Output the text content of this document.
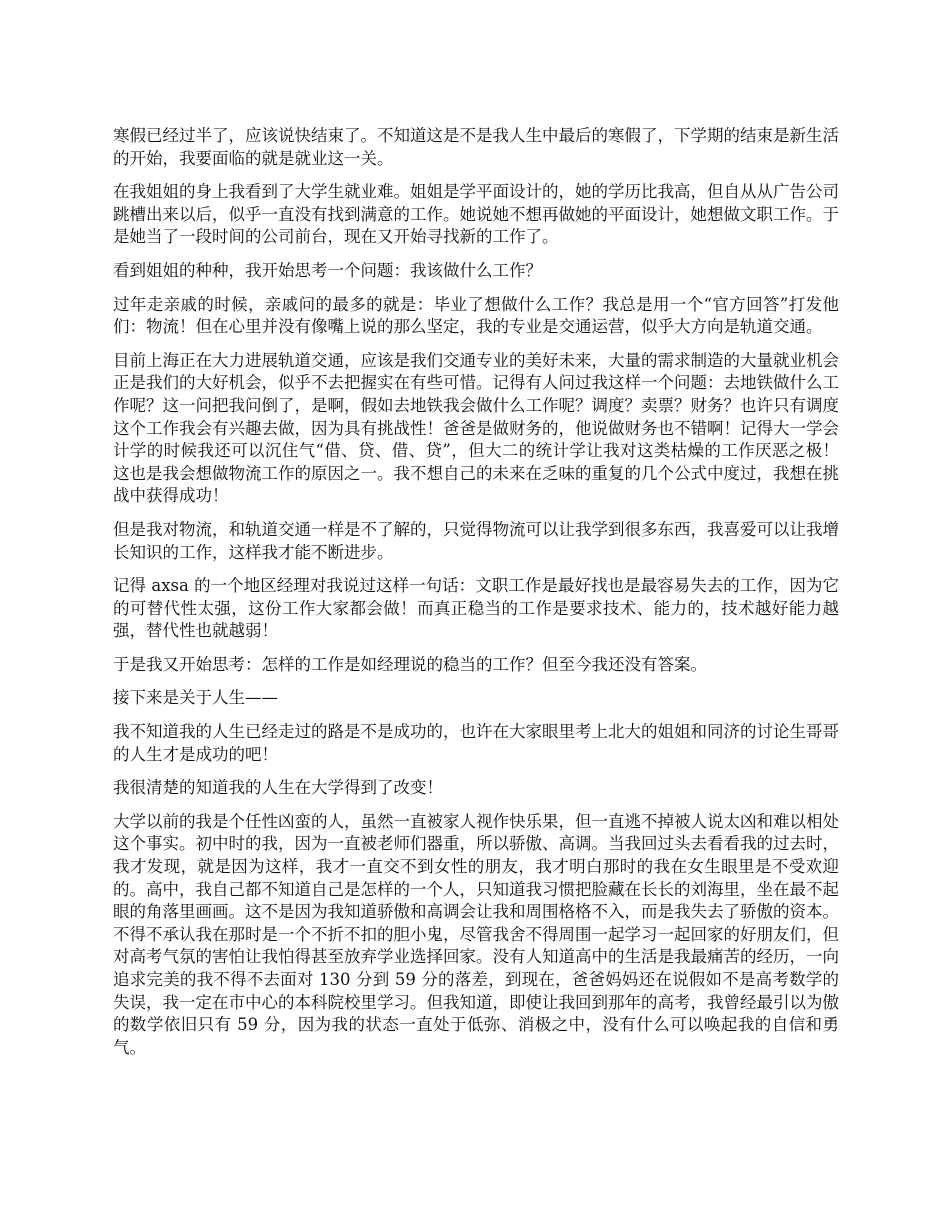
寒假已经过半了，应该说快结束了。不知道这是不是我人生中最后的寒假了，下学期的结束是新生活的开始，我要面临的就是就业这一关。

在我姐姐的身上我看到了大学生就业难。姐姐是学平面设计的，她的学历比我高，但自从从广告公司跳槽出来以后，似乎一直没有找到满意的工作。她说她不想再做她的平面设计，她想做文职工作。于是她当了一段时间的公司前台，现在又开始寻找新的工作了。

看到姐姐的种种，我开始思考一个问题：我该做什么工作？

过年走亲戚的时候，亲戚问的最多的就是：毕业了想做什么工作？我总是用一个“官方回答”打发他们：物流！但在心里并没有像嘴上说的那么坚定，我的专业是交通运营，似乎大方向是轨道交通。

目前上海正在大力进展轨道交通，应该是我们交通专业的美好未来，大量的需求制造的大量就业机会正是我们的大好机会，似乎不去把握实在有些可惜。记得有人问过我这样一个问题：去地铁做什么工作呢？这一问把我问倒了，是啊，假如去地铁我会做什么工作呢？调度？卖票？财务？也许只有调度这个工作我会有兴趣去做，因为具有挑战性！爸爸是做财务的，他说做财务也不错啊！记得大一学会计学的时候我还可以沉住气“借、贷、借、贷”，但大二的统计学让我对这类枯燥的工作厌恶之极！这也是我会想做物流工作的原因之一。我不想自己的未来在乏味的重复的几个公式中度过，我想在挑战中获得成功！

但是我对物流，和轨道交通一样是不了解的，只觉得物流可以让我学到很多东西，我喜爱可以让我增长知识的工作，这样我才能不断进步。

记得 axsa 的一个地区经理对我说过这样一句话：文职工作是最好找也是最容易失去的工作，因为它的可替代性太强，这份工作大家都会做！而真正稳当的工作是要求技术、能力的，技术越好能力越强，替代性也就越弱！

于是我又开始思考：怎样的工作是如经理说的稳当的工作？但至今我还没有答案。

接下来是关于人生——

我不知道我的人生已经走过的路是不是成功的，也许在大家眼里考上北大的姐姐和同济的讨论生哥哥的人生才是成功的吧！

我很清楚的知道我的人生在大学得到了改变！

大学以前的我是个任性凶蛮的人，虽然一直被家人视作快乐果，但一直逃不掉被人说太凶和难以相处这个事实。初中时的我，因为一直被老师们器重，所以骄傲、高调。当我回过头去看看我的过去时，我才发现，就是因为这样，我才一直交不到女性的朋友，我才明白那时的我在女生眼里是不受欢迎的。高中，我自己都不知道自己是怎样的一个人，只知道我习惯把脸藏在长长的刘海里，坐在最不起眼的角落里画画。这不是因为我知道骄傲和高调会让我和周围格格不入，而是我失去了骄傲的资本。不得不承认我在那时是一个不折不扣的胆小鬼，尽管我舍不得周围一起学习一起回家的好朋友们，但对高考气氛的害怕让我怕得甚至放弃学业选择回家。没有人知道高中的生活是我最痛苦的经历，一向追求完美的我不得不去面对 130 分到 59 分的落差，到现在，爸爸妈妈还在说假如不是高考数学的失误，我一定在市中心的本科院校里学习。但我知道，即使让我回到那年的高考，我曾经最引以为傲的数学依旧只有 59 分，因为我的状态一直处于低弥、消极之中，没有什么可以唤起我的自信和勇气。
